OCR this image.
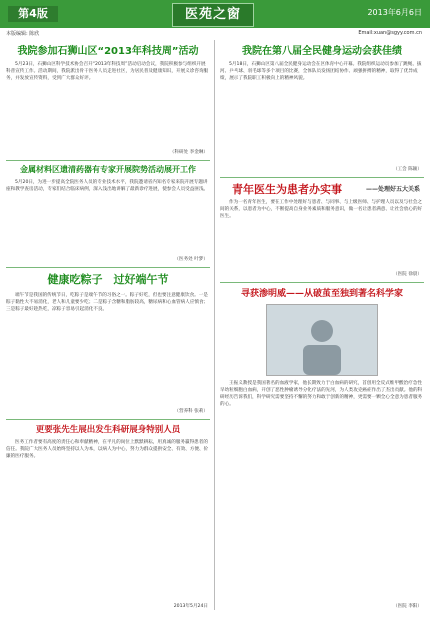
第4版	医苑之窗	2013年6月6日
本版编辑: 陈欣	Email:xuan@sgyy.com.cn
我院参加石狮山区“2013年科技周”活动
5月23日，石狮山区科学技术协会召开“2013年科技周”活动启动会议，我院积极参与组织开展科普宣传工作。活动期间，我院派出骨干医务人员走进社区，为居民普及健康知识，开展义诊咨询服务，并发放宣传资料，受到广大群众好评。
（科研处 李金琳）
金属材料区遗清药器有专家开展院势活动展开工作
5月20日，为进一步提高全院医务人员的专业技术水平，我院邀请省内知名专家来院开展专题讲座和教学查房活动，专家们结合临床病例，深入浅出地讲解了最新诊疗进展，使参会人员受益匪浅。
（医务处 叶梦）
健康吃粽子　过好端午节
端午节是我国的传统节日，吃粽子是端午节的习俗之一。粽子好吃，但也要注意健康饮食。一是粽子黏性大不易消化，老人和儿童要少吃；二是粽子含糖和脂肪较高，糖尿病和心血管病人应慎食；三是粽子最好趁热吃，凉粽子容易引起消化不良。
（营养科 张莉）
更要张先生展出发生科研展身特别人员
医务工作者要有高度的责任心和奉献精神，在平凡的岗位上默默耕耘，用真诚的服务赢得患者的信任。我院广大医务人员始终坚持以人为本，以病人为中心，努力为群众提供安全、有效、方便、价廉的医疗服务。
2013年5月24日
我院在第八届全民健身运动会获佳绩
5月18日，石狮山区第八届全民健身运动会在区体育中心开幕。我院组织运动员参加了跳绳、拔河、乒乓球、羽毛球等多个项目的比赛，全体队员发扬团结协作、顽强拼搏的精神，取得了优异成绩，展示了我院职工积极向上的精神风貌。
（工会 陈颖）
青年医生为患者办实事	——处理好五大关系
作为一名青年医生，要在工作中处理好与患者、与同事、与上级医师、与护理人员以及与社会之间的关系，以患者为中心，不断提高自身业务素质和服务意识，做一名让患者满意、让社会放心的好医生。
（医院 徐晨）
寻获渗明威——从破茧至独到著名科学家
王振义教授是我国著名的血液学家，他长期致力于白血病的研究，首创用全反式维甲酸治疗急性早幼粒细胞白血病，开创了恶性肿瘤诱导分化疗法的先河，为人类攻克癌症作出了杰出贡献。他的科研经历告诉我们，科学研究需要坚持不懈的努力和敢于创新的精神，更需要一颗全心全意为患者服务的心。
（医院 李阳）
